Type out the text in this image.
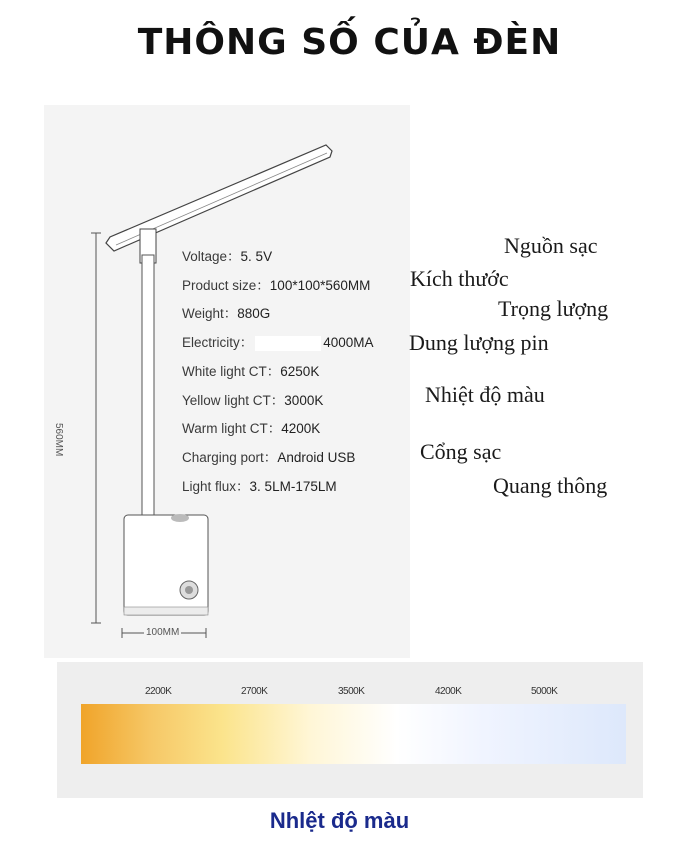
THÔNG SỐ CỦA ĐÈN
560MM
100MM
Voltage：5. 5V
Product size：100*100*560MM
Weight：880G
Electricity：	4000MA
White light CT：6250K
Yellow light CT：3000K
Warm light CT：4200K
Charging port：Android USB
Light flux：3. 5LM-175LM
Nguồn sạc
Kích thước
Trọng lượng
Dung lượng pin
Nhiệt độ màu
Cổng sạc
Quang thông
2200K	2700K	3500K	4200K	5000K
Nhlệt độ màu
